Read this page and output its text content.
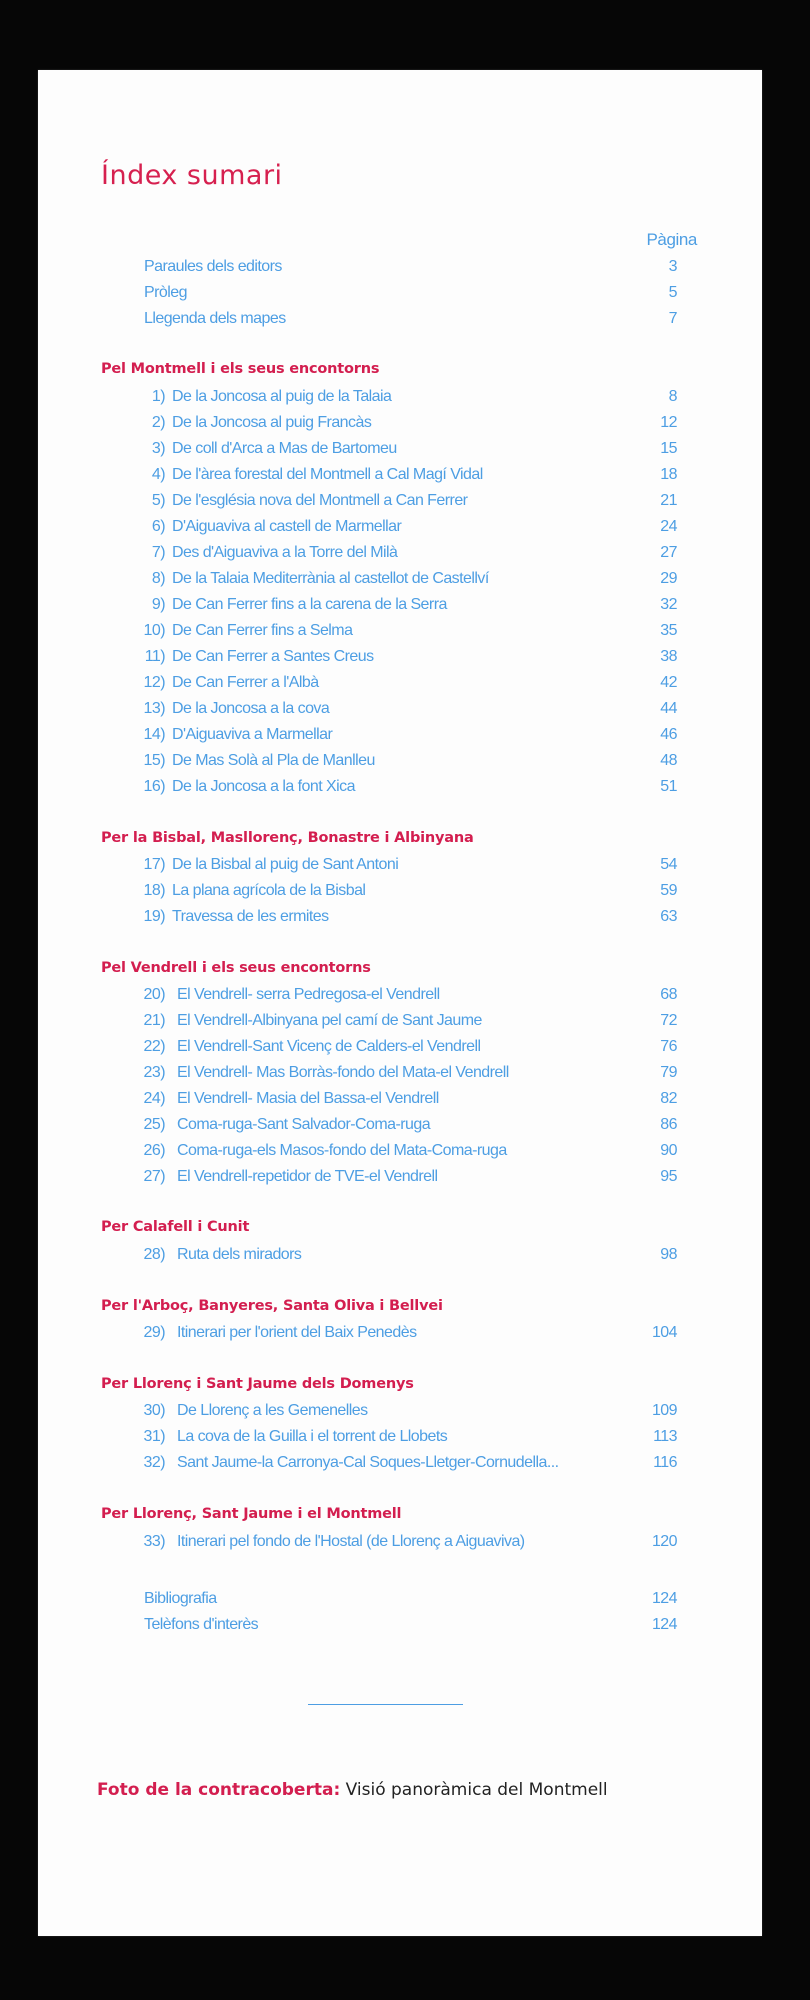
Índex sumari
Pàgina
Paraules dels editors	3
Pròleg	5
Llegenda dels mapes	7
Pel Montmell i els seus encontorns
1) De la Joncosa al puig de la Talaia	8
2) De la Joncosa al puig Francàs	12
3) De coll d'Arca a Mas de Bartomeu	15
4) De l'àrea forestal del Montmell a Cal Magí Vidal	18
5) De l'església nova del Montmell a Can Ferrer	21
6) D'Aiguaviva al castell de Marmellar	24
7) Des d'Aiguaviva a la Torre del Milà	27
8) De la Talaia Mediterrània al castellot de Castellví	29
9) De Can Ferrer fins a la carena de la Serra	32
10) De Can Ferrer fins a Selma	35
11) De Can Ferrer a Santes Creus	38
12) De Can Ferrer a l'Albà	42
13) De la Joncosa a la cova	44
14) D'Aiguaviva a Marmellar	46
15) De Mas Solà al Pla de Manlleu	48
16) De la Joncosa a la font Xica	51
Per la Bisbal, Masllorenç, Bonastre i Albinyana
17) De la Bisbal al puig de Sant Antoni	54
18) La plana agrícola de la Bisbal	59
19) Travessa de les ermites	63
Pel Vendrell i els seus encontorns
20) El Vendrell- serra Pedregosa-el Vendrell	68
21) El Vendrell-Albinyana pel camí de Sant Jaume	72
22) El Vendrell-Sant Vicenç de Calders-el Vendrell	76
23) El Vendrell- Mas Borràs-fondo del Mata-el Vendrell	79
24) El Vendrell- Masia del Bassa-el Vendrell	82
25) Coma-ruga-Sant Salvador-Coma-ruga	86
26) Coma-ruga-els Masos-fondo del Mata-Coma-ruga	90
27) El Vendrell-repetidor de TVE-el Vendrell	95
Per Calafell i Cunit
28) Ruta dels miradors	98
Per l'Arboç, Banyeres, Santa Oliva i Bellvei
29) Itinerari per l'orient del Baix Penedès	104
Per Llorenç i Sant Jaume dels Domenys
30) De Llorenç a les Gemenelles	109
31) La cova de la Guilla i el torrent de Llobets	113
32) Sant Jaume-la Carronya-Cal Soques-Lletger-Cornudella...	116
Per Llorenç, Sant Jaume i el Montmell
33) Itinerari pel fondo de l'Hostal (de Llorenç a Aiguaviva)	120
Bibliografia	124
Telèfons d'interès	124
Foto de la contracoberta: Visió panoràmica del Montmell
